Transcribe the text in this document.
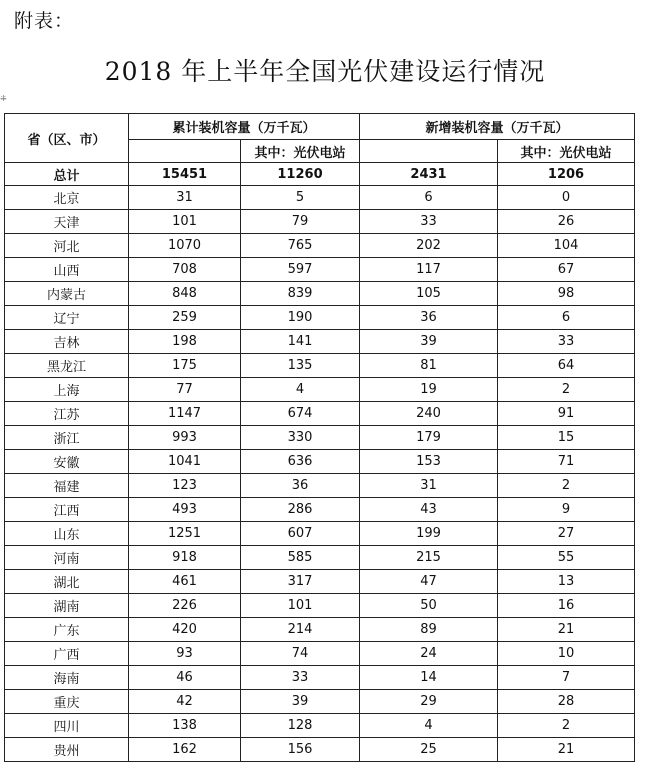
附表：
2018 年上半年全国光伏建设运行情况
⁜
省（区、市）	累计装机容量（万千瓦）		新增装机容量（万千瓦）	
		其中：光伏电站		其中：光伏电站
总计	15451	11260	2431	1206
北京	31	5	6	0
天津	101	79	33	26
河北	1070	765	202	104
山西	708	597	117	67
内蒙古	848	839	105	98
辽宁	259	190	36	6
吉林	198	141	39	33
黑龙江	175	135	81	64
上海	77	4	19	2
江苏	1147	674	240	91
浙江	993	330	179	15
安徽	1041	636	153	71
福建	123	36	31	2
江西	493	286	43	9
山东	1251	607	199	27
河南	918	585	215	55
湖北	461	317	47	13
湖南	226	101	50	16
广东	420	214	89	21
广西	93	74	24	10
海南	46	33	14	7
重庆	42	39	29	28
四川	138	128	4	2
贵州	162	156	25	21
